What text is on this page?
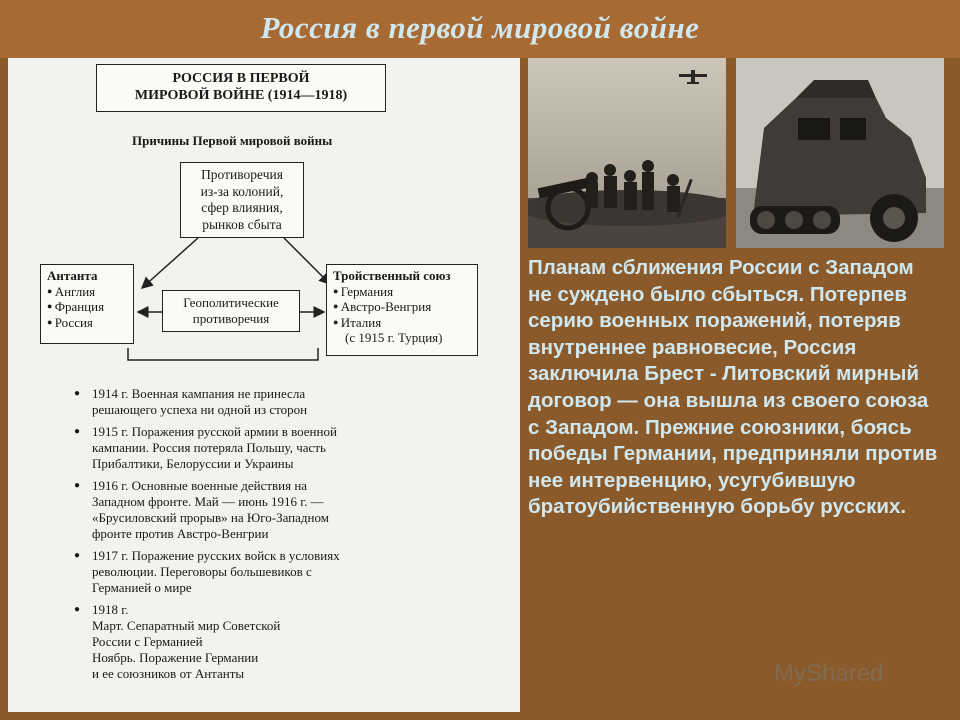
Россия в первой мировой войне
РОССИЯ В ПЕРВОЙ
МИРОВОЙ ВОЙНЕ (1914—1918)
Причины Первой мировой войны
Противоречия
из-за колоний,
сфер влияния,
рынков сбыта
Антанта
● Англия
● Франция
● Россия
Геополитические
противоречия
Тройственный союз
● Германия
● Австро-Венгрия
● Италия
(с 1915 г. Турция)
● 1914 г. Военная кампания не принесла
решающего успеха ни одной из сторон
● 1915 г. Поражения русской армии в военной
кампании. Россия потеряла Польшу, часть
Прибалтики, Белоруссии и Украины
● 1916 г. Основные военные действия на
Западном фронте. Май — июнь 1916 г. —
«Брусиловский прорыв» на Юго-Западном
фронте против Австро-Венгрии
● 1917 г. Поражение русских войск в условиях
революции. Переговоры большевиков с
Германией о мире
● 1918 г.
Март. Сепаратный мир Советской
России с Германией
Ноябрь. Поражение Германии
и ее союзников от Антанты
Планам сближения России с Западом не суждено было сбыться. Потерпев серию военных поражений, потеряв внутреннее равновесие, Россия заключила Брест - Литовский мирный договор — она вышла из своего союза с Западом. Прежние союзники, боясь победы Германии, предприняли против нее интервенцию, усугубившую братоубийственную борьбу русских.
MyShared
